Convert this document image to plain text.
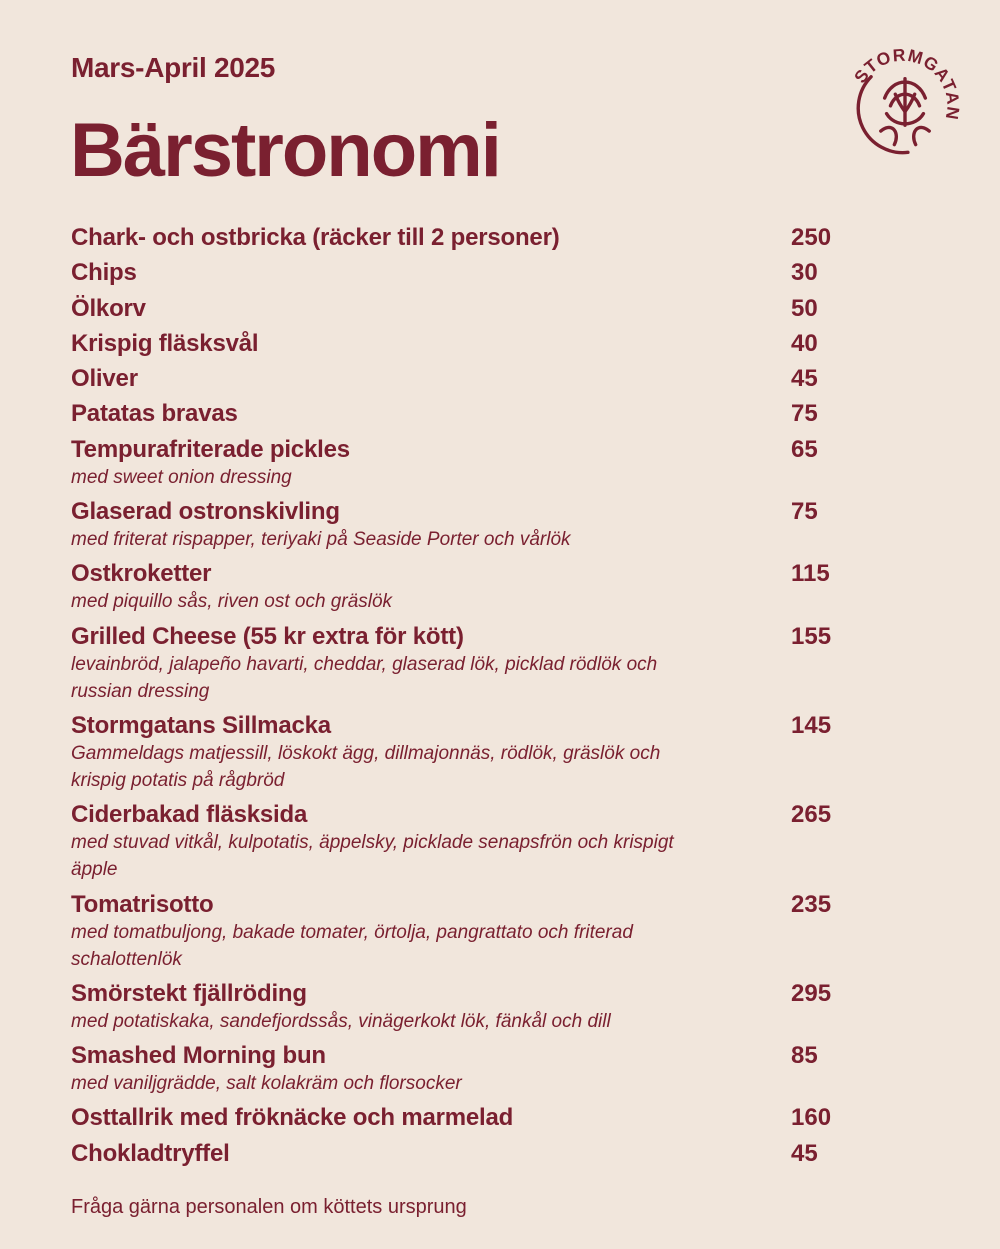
Mars-April 2025

Bärstronomi
STORMGATAN
Chark- och ostbricka (räcker till 2 personer)	250
Chips	30
Ölkorv	50
Krispig fläsksvål	40
Oliver	45
Patatas bravas	75
Tempurafriterade pickles	65
med sweet onion dressing
Glaserad ostronskivling	75
med friterat rispapper, teriyaki på Seaside Porter och vårlök
Ostkroketter	115
med piquillo sås, riven ost och gräslök
Grilled Cheese (55 kr extra för kött)	155
levainbröd, jalapeño havarti, cheddar, glaserad lök, picklad rödlök och russian dressing
Stormgatans Sillmacka	145
Gammeldags matjessill, löskokt ägg, dillmajonnäs, rödlök, gräslök och krispig potatis på rågbröd
Ciderbakad fläsksida	265
med stuvad vitkål, kulpotatis, äppelsky, picklade senapsfrön och krispigt äpple
Tomatrisotto	235
med tomatbuljong, bakade tomater, örtolja, pangrattato och friterad schalottenlök
Smörstekt fjällröding	295
med potatiskaka, sandefjordssås, vinägerkokt lök, fänkål och dill
Smashed Morning bun	85
med vaniljgrädde, salt kolakräm och florsocker
Osttallrik med fröknäcke och marmelad	160
Chokladtryffel	45

Fråga gärna personalen om köttets ursprung
